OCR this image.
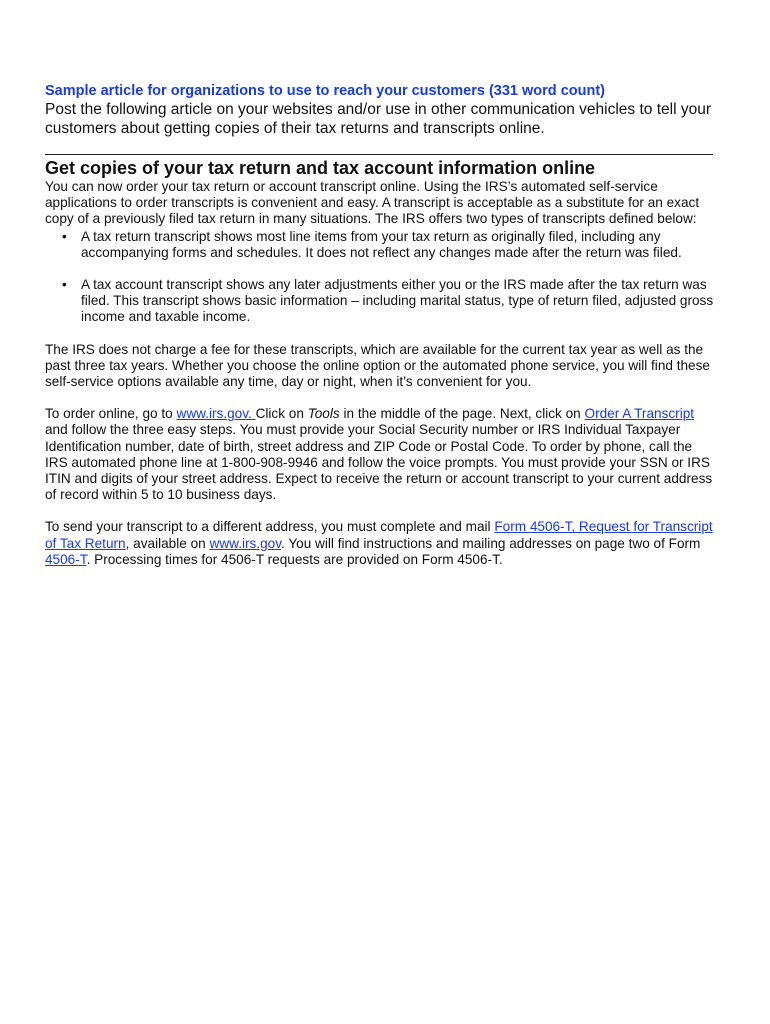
Sample article for organizations to use to reach your customers (331 word count)

Post the following article on your websites and/or use in other communication vehicles to tell your customers about getting copies of their tax returns and transcripts online.

Get copies of your tax return and tax account information online

You can now order your tax return or account transcript online. Using the IRS’s automated self-service applications to order transcripts is convenient and easy. A transcript is acceptable as a substitute for an exact copy of a previously filed tax return in many situations. The IRS offers two types of transcripts defined below:

• A tax return transcript shows most line items from your tax return as originally filed, including any accompanying forms and schedules. It does not reflect any changes made after the return was filed.
• A tax account transcript shows any later adjustments either you or the IRS made after the tax return was filed. This transcript shows basic information – including marital status, type of return filed, adjusted gross income and taxable income.

The IRS does not charge a fee for these transcripts, which are available for the current tax year as well as the past three tax years. Whether you choose the online option or the automated phone service, you will find these self-service options available any time, day or night, when it’s convenient for you.

To order online, go to www.irs.gov. Click on Tools in the middle of the page. Next, click on Order A Transcript and follow the three easy steps. You must provide your Social Security number or IRS Individual Taxpayer Identification number, date of birth, street address and ZIP Code or Postal Code. To order by phone, call the IRS automated phone line at 1-800-908-9946 and follow the voice prompts. You must provide your SSN or IRS ITIN and digits of your street address. Expect to receive the return or account transcript to your current address of record within 5 to 10 business days.

To send your transcript to a different address, you must complete and mail Form 4506-T, Request for Transcript of Tax Return, available on www.irs.gov. You will find instructions and mailing addresses on page two of Form 4506-T. Processing times for 4506-T requests are provided on Form 4506-T.
